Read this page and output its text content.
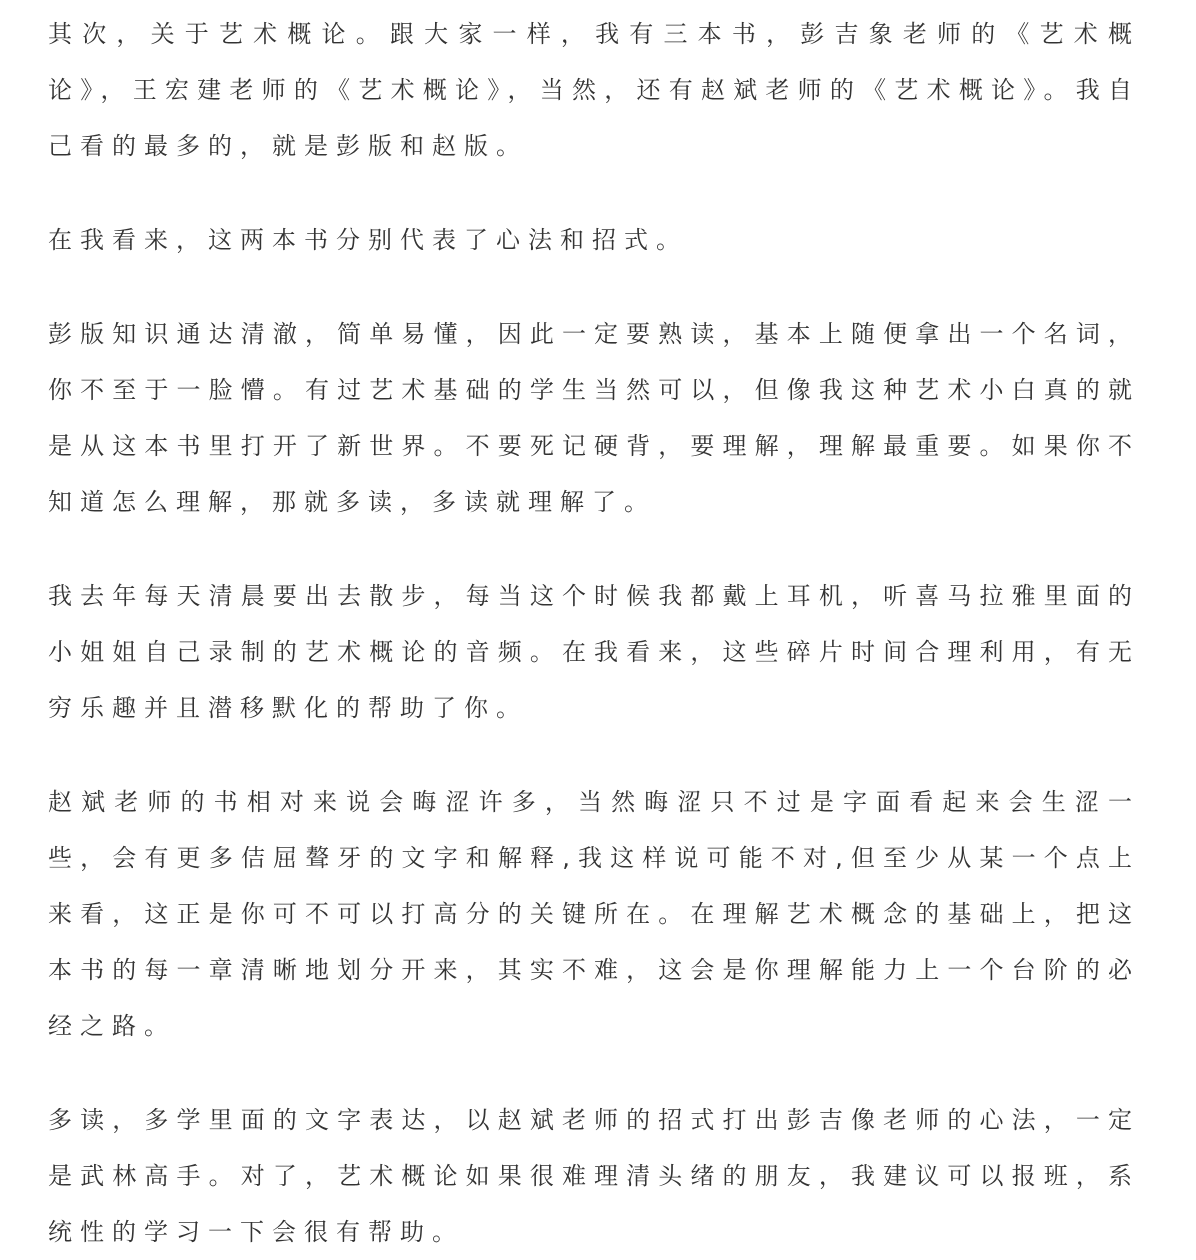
其次，关于艺术概论。跟大家一样，我有三本书，彭吉象老师的《艺术概论》，王宏建老师的《艺术概论》，当然，还有赵斌老师的《艺术概论》。我自己看的最多的，就是彭版和赵版。

在我看来，这两本书分别代表了心法和招式。

彭版知识通达清澈，简单易懂，因此一定要熟读，基本上随便拿出一个名词，你不至于一脸懵。有过艺术基础的学生当然可以，但像我这种艺术小白真的就是从这本书里打开了新世界。不要死记硬背，要理解，理解最重要。如果你不知道怎么理解，那就多读，多读就理解了。

我去年每天清晨要出去散步，每当这个时候我都戴上耳机，听喜马拉雅里面的小姐姐自己录制的艺术概论的音频。在我看来，这些碎片时间合理利用，有无穷乐趣并且潜移默化的帮助了你。

赵斌老师的书相对来说会晦涩许多，当然晦涩只不过是字面看起来会生涩一些，会有更多佶屈聱牙的文字和解释,我这样说可能不对,但至少从某一个点上来看，这正是你可不可以打高分的关键所在。在理解艺术概念的基础上，把这本书的每一章清晰地划分开来，其实不难，这会是你理解能力上一个台阶的必经之路。

多读，多学里面的文字表达，以赵斌老师的招式打出彭吉像老师的心法，一定是武林高手。对了，艺术概论如果很难理清头绪的朋友，我建议可以报班，系统性的学习一下会很有帮助。
